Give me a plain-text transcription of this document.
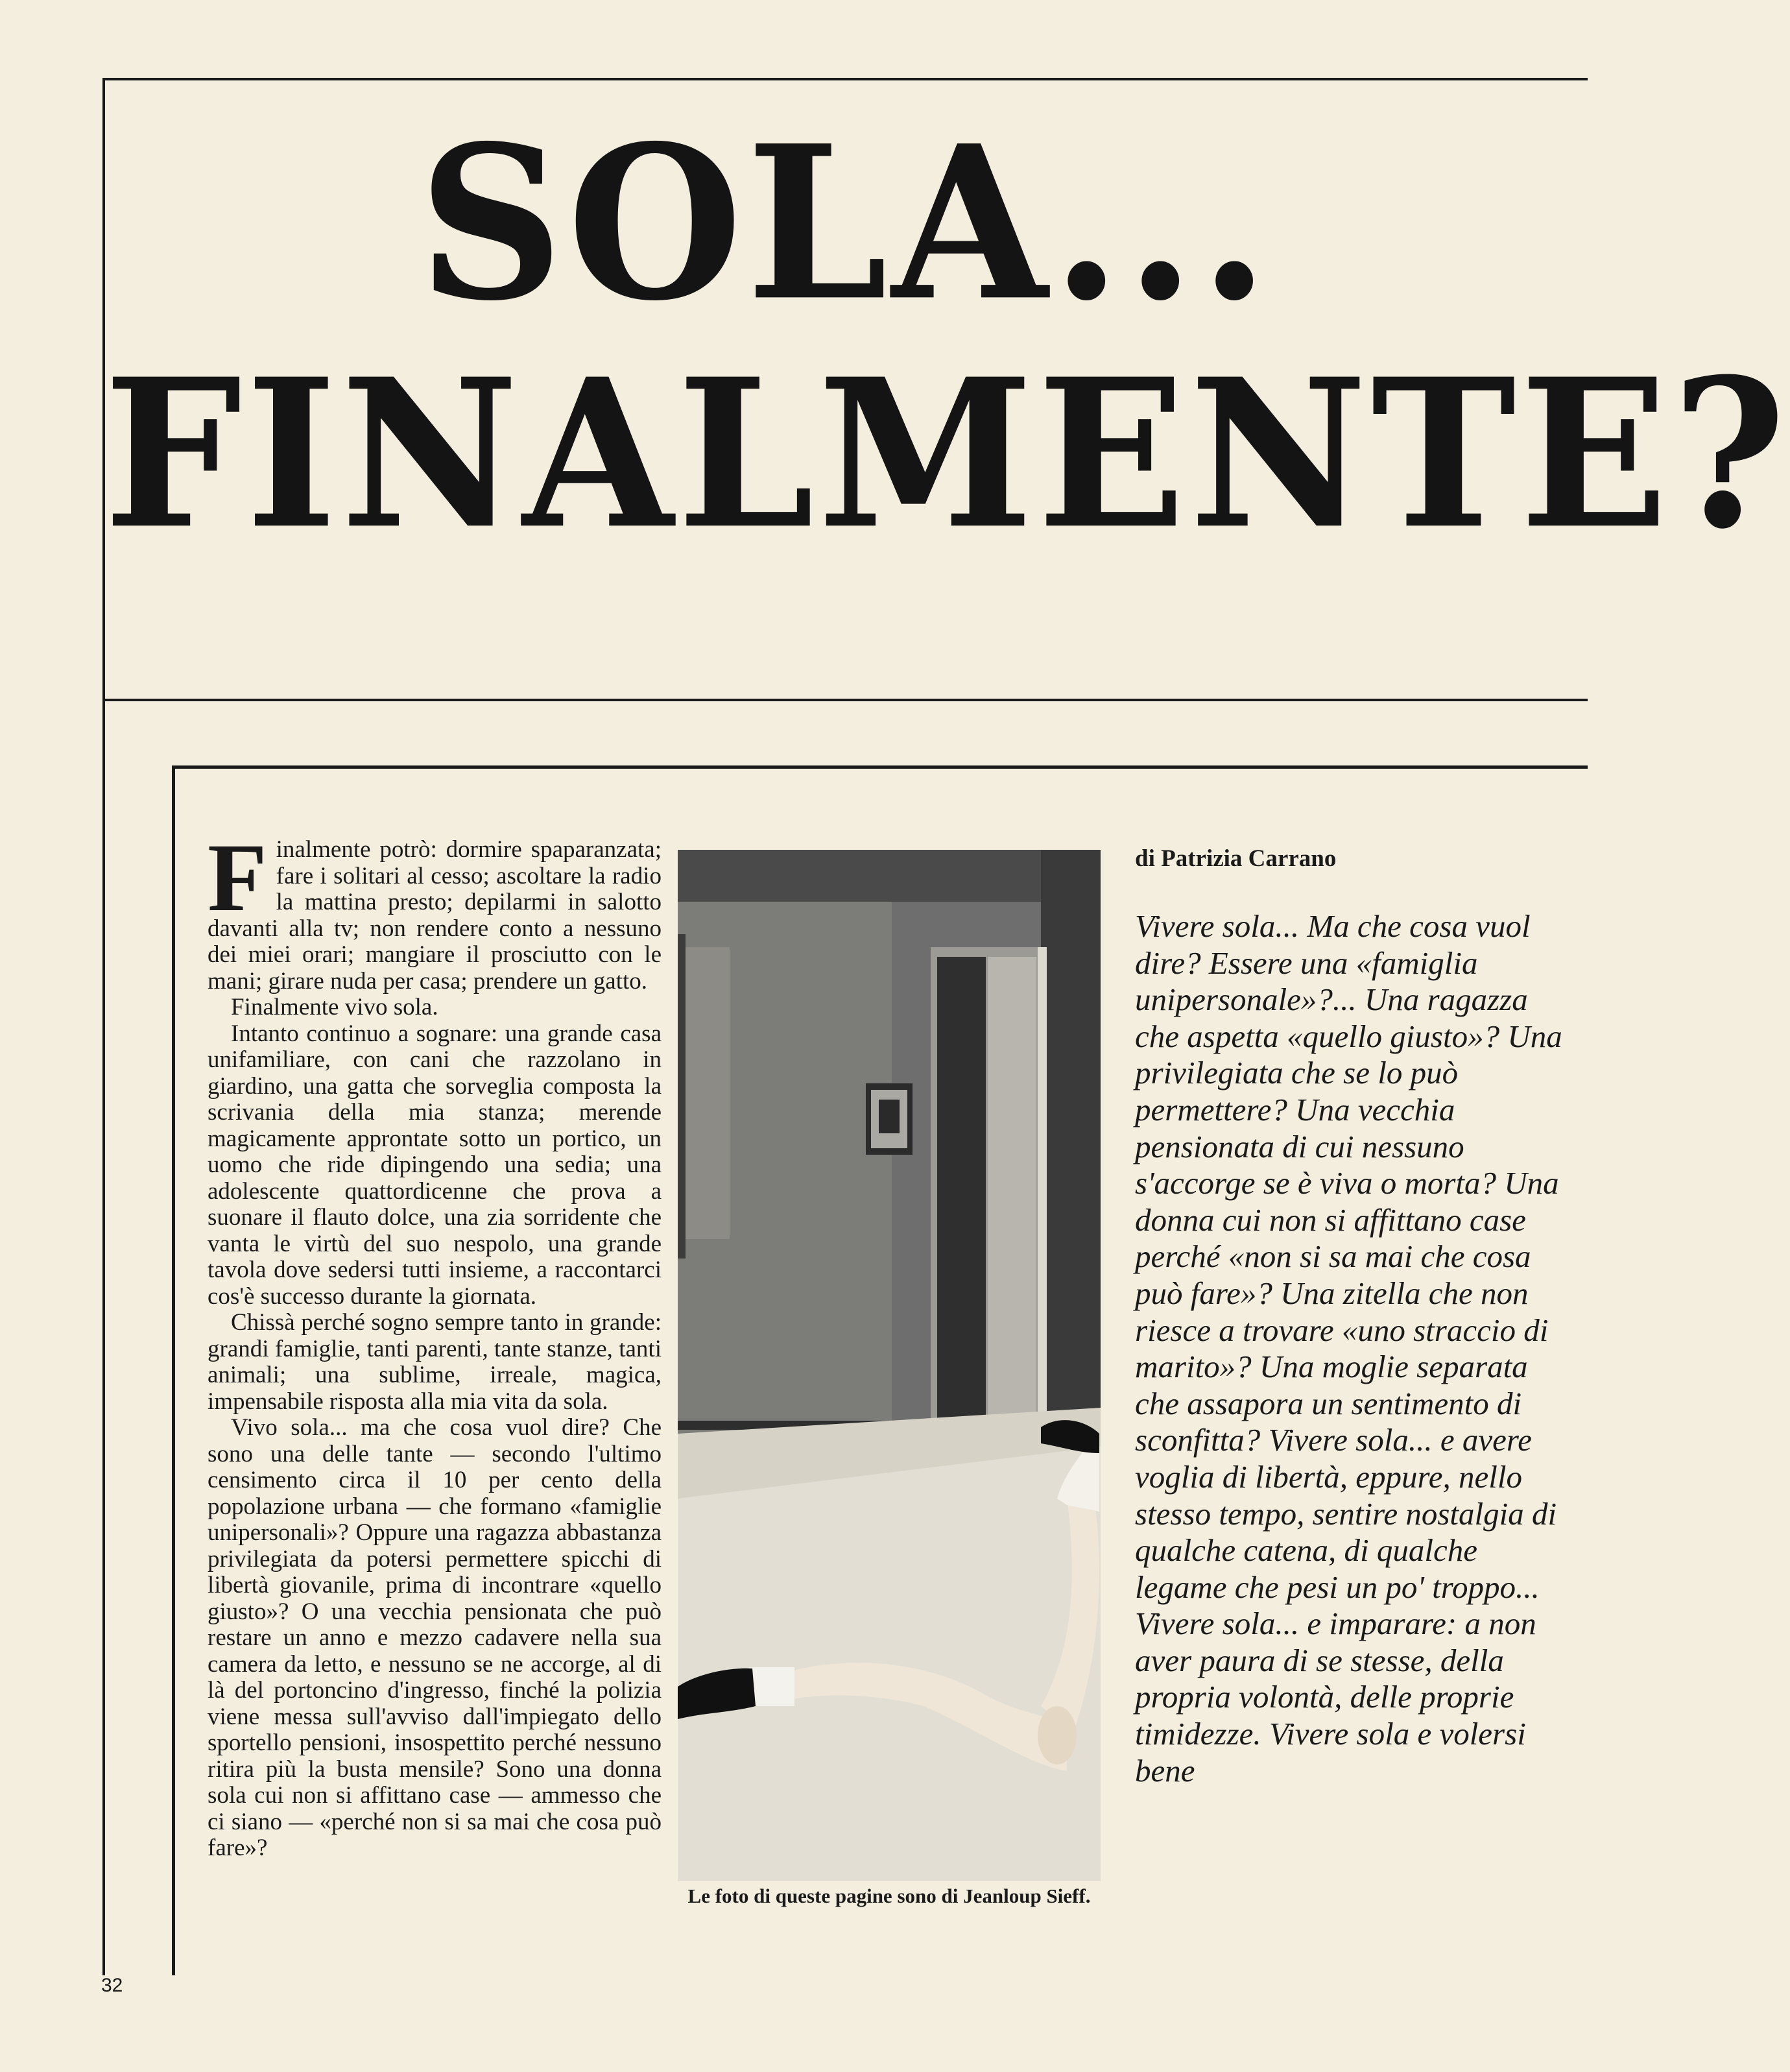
SOLA...
FINALMENTE?

Finalmente potrò: dormire spaparanzata; fare i solitari al cesso; ascoltare la radio la mattina presto; depilarmi in salotto davanti alla tv; non rendere conto a nessuno dei miei orari; mangiare il prosciutto con le mani; girare nuda per casa; prendere un gatto.

Finalmente vivo sola.

Intanto continuo a sognare: una grande casa unifamiliare, con cani che razzolano in giardino, una gatta che sorveglia composta la scrivania della mia stanza; merende magicamente approntate sotto un portico, un uomo che ride dipingendo una sedia; una adolescente quattordicenne che prova a suonare il flauto dolce, una zia sorridente che vanta le virtù del suo nespolo, una grande tavola dove sedersi tutti insieme, a raccontarci cos'è successo durante la giornata.

Chissà perché sogno sempre tanto in grande: grandi famiglie, tanti parenti, tante stanze, tanti animali; una sublime, irreale, magica, impensabile risposta alla mia vita da sola.

Vivo sola... ma che cosa vuol dire? Che sono una delle tante — secondo l'ultimo censimento circa il 10 per cento della popolazione urbana — che formano «famiglie unipersonali»? Oppure una ragazza abbastanza privilegiata da potersi permettere spicchi di libertà giovanile, prima di incontrare «quello giusto»? O una vecchia pensionata che può restare un anno e mezzo cadavere nella sua camera da letto, e nessuno se ne accorge, al di là del portoncino d'ingresso, finché la polizia viene messa sull'avviso dall'impiegato dello sportello pensioni, insospettito perché nessuno ritira più la busta mensile? Sono una donna sola cui non si affittano case — ammesso che ci siano — «perché non si sa mai che cosa può fare»?

Le foto di queste pagine sono di Jeanloup Sieff.
di Patrizia Carrano
Vivere sola... Ma che cosa vuol dire? Essere una «famiglia unipersonale»?... Una ragazza che aspetta «quello giusto»? Una privilegiata che se lo può permettere? Una vecchia pensionata di cui nessuno s'accorge se è viva o morta? Una donna cui non si affittano case perché «non si sa mai che cosa può fare»? Una zitella che non riesce a trovare «uno straccio di marito»? Una moglie separata che assapora un sentimento di sconfitta? Vivere sola... e avere voglia di libertà, eppure, nello stesso tempo, sentire nostalgia di qualche catena, di qualche legame che pesi un po' troppo... Vivere sola... e imparare: a non aver paura di se stesse, della propria volontà, delle proprie timidezze. Vivere sola e volersi bene
32
